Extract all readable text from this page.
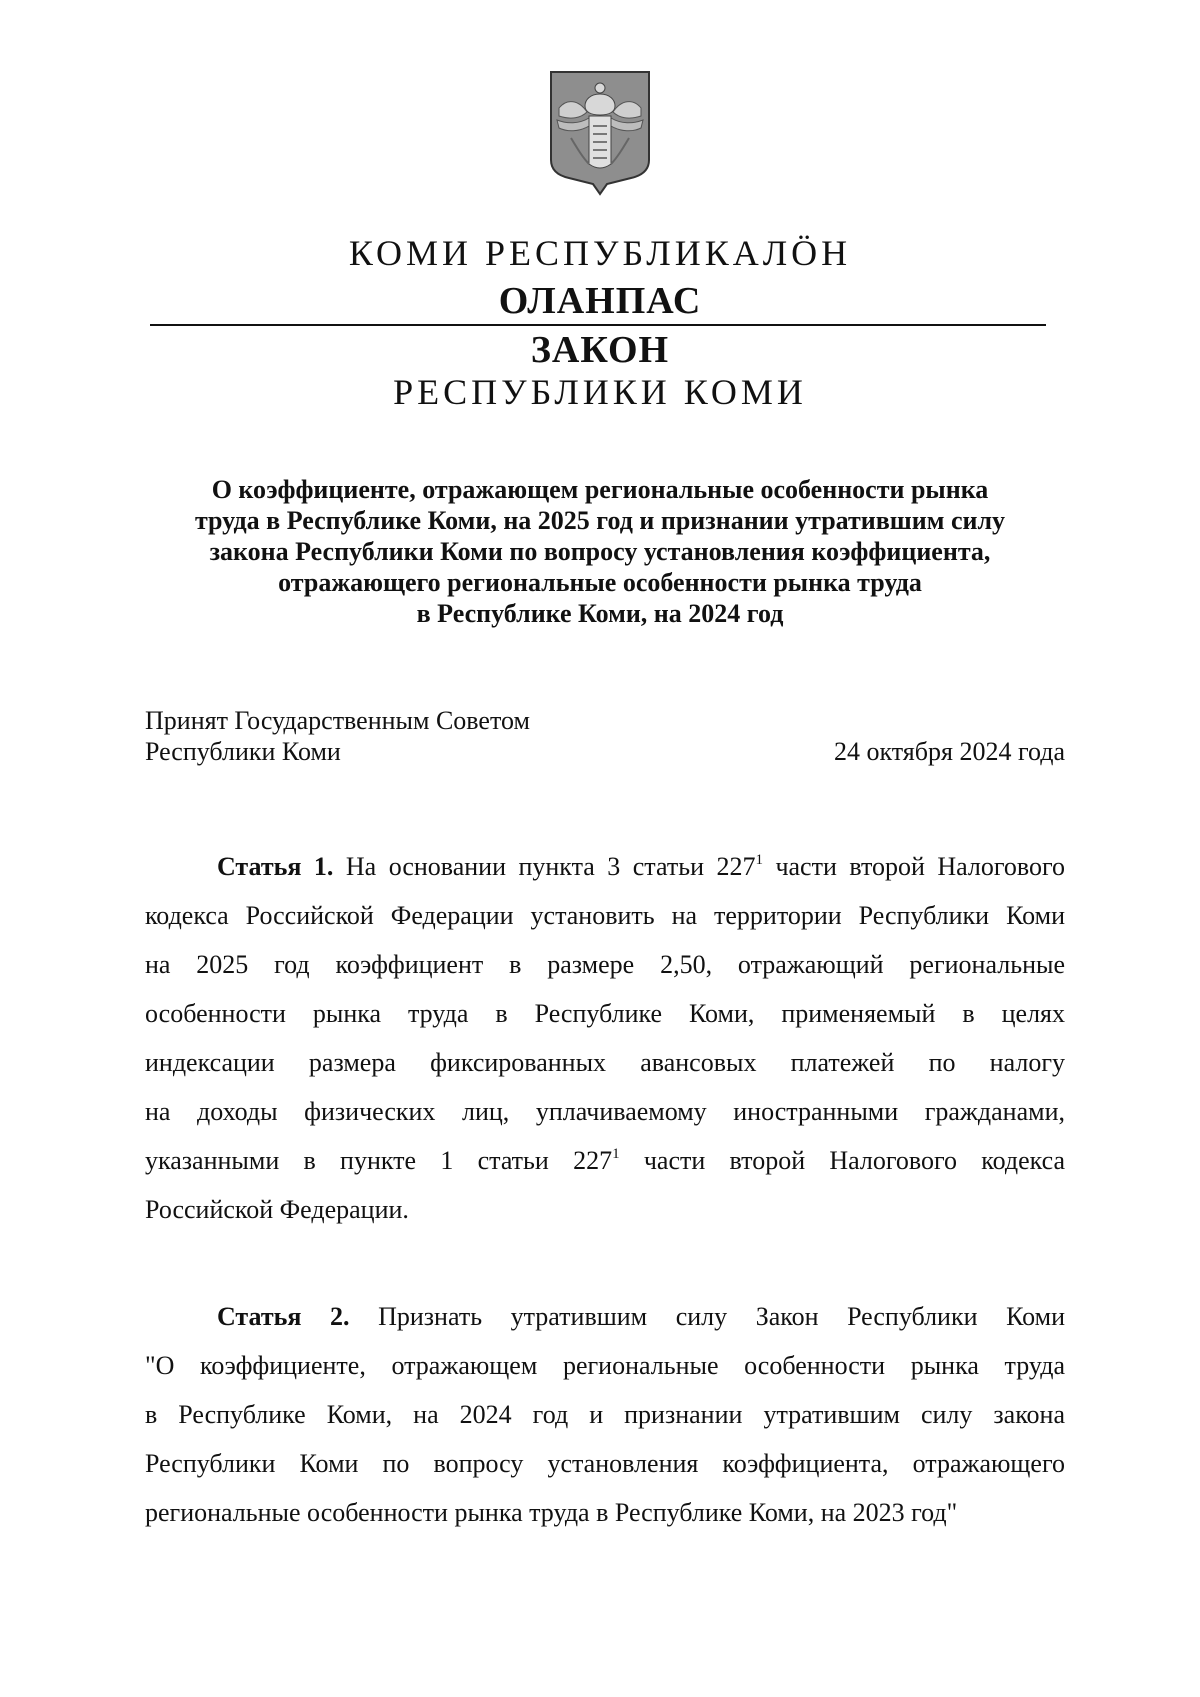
КОМИ РЕСПУБЛИКАЛӦН
ОЛАНПАС
ЗАКОН
РЕСПУБЛИКИ КОМИ
О коэффициенте, отражающем региональные особенности рынка
труда в Республике Коми, на 2025 год и признании утратившим силу
закона Республики Коми по вопросу установления коэффициента,
отражающего региональные особенности рынка труда
в Республике Коми, на 2024 год
Принят Государственным Советом
Республики Коми	24 октября 2024 года
Статья 1. На основании пункта 3 статьи $227^1$ части второй Налогового
кодекса Российской Федерации установить на территории Республики Коми
на 2025 год коэффициент в размере 2,50, отражающий региональные
особенности рынка труда в Республике Коми, применяемый в целях
индексации размера фиксированных авансовых платежей по налогу
на доходы физических лиц, уплачиваемому иностранными гражданами,
указанными в пункте 1 статьи $227^1$ части второй Налогового кодекса
Российской Федерации.
Статья 2. Признать утратившим силу Закон Республики Коми
"О коэффициенте, отражающем региональные особенности рынка труда
в Республике Коми, на 2024 год и признании утратившим силу закона
Республики Коми по вопросу установления коэффициента, отражающего
региональные особенности рынка труда в Республике Коми, на 2023 год"
